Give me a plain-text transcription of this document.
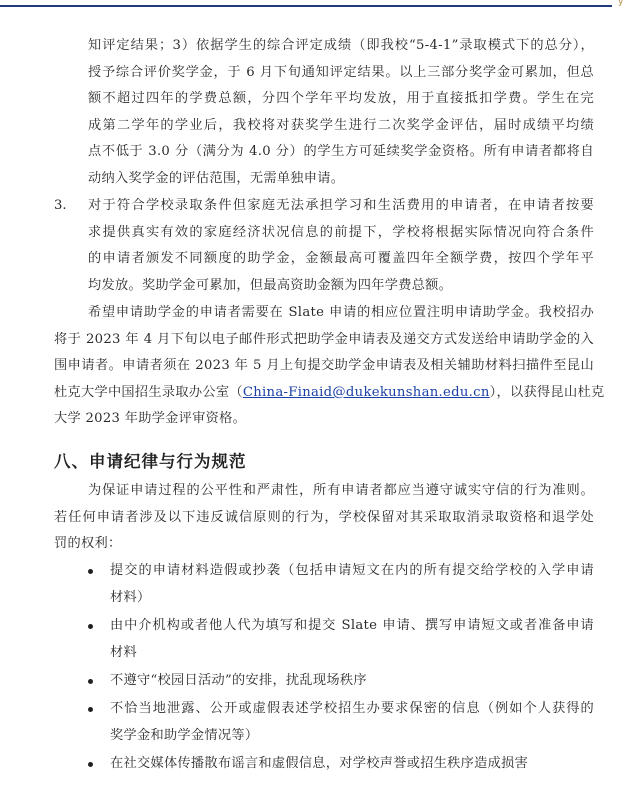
y
知评定结果；3）依据学生的综合评定成绩（即我校“5-4-1”录取模式下的总分），
授予综合评价奖学金，于 6 月下旬通知评定结果。以上三部分奖学金可累加，但总
额不超过四年的学费总额，分四个学年平均发放，用于直接抵扣学费。学生在完
成第二学年的学业后，我校将对获奖学生进行二次奖学金评估，届时成绩平均绩
点不低于 3.0 分（满分为 4.0 分）的学生方可延续奖学金资格。所有申请者都将自
动纳入奖学金的评估范围，无需单独申请。
3. 对于符合学校录取条件但家庭无法承担学习和生活费用的申请者，在申请者按要
求提供真实有效的家庭经济状况信息的前提下，学校将根据实际情况向符合条件
的申请者颁发不同额度的助学金，金额最高可覆盖四年全额学费，按四个学年平
均发放。奖助学金可累加，但最高资助金额为四年学费总额。
希望申请助学金的申请者需要在 Slate 申请的相应位置注明申请助学金。我校招办
将于 2023 年 4 月下旬以电子邮件形式把助学金申请表及递交方式发送给申请助学金的入
围申请者。申请者须在 2023 年 5 月上旬提交助学金申请表及相关辅助材料扫描件至昆山
杜克大学中国招生录取办公室（China-Finaid@dukekunshan.edu.cn），以获得昆山杜克
大学 2023 年助学金评审资格。
八、申请纪律与行为规范
为保证申请过程的公平性和严肃性，所有申请者都应当遵守诚实守信的行为准则。
若任何申请者涉及以下违反诚信原则的行为，学校保留对其采取取消录取资格和退学处
罚的权利：
提交的申请材料造假或抄袭（包括申请短文在内的所有提交给学校的入学申请
材料）
由中介机构或者他人代为填写和提交 Slate 申请、撰写申请短文或者准备申请
材料
不遵守“校园日活动”的安排，扰乱现场秩序
不恰当地泄露、公开或虚假表述学校招生办要求保密的信息（例如个人获得的
奖学金和助学金情况等）
在社交媒体传播散布谣言和虚假信息，对学校声誉或招生秩序造成损害
